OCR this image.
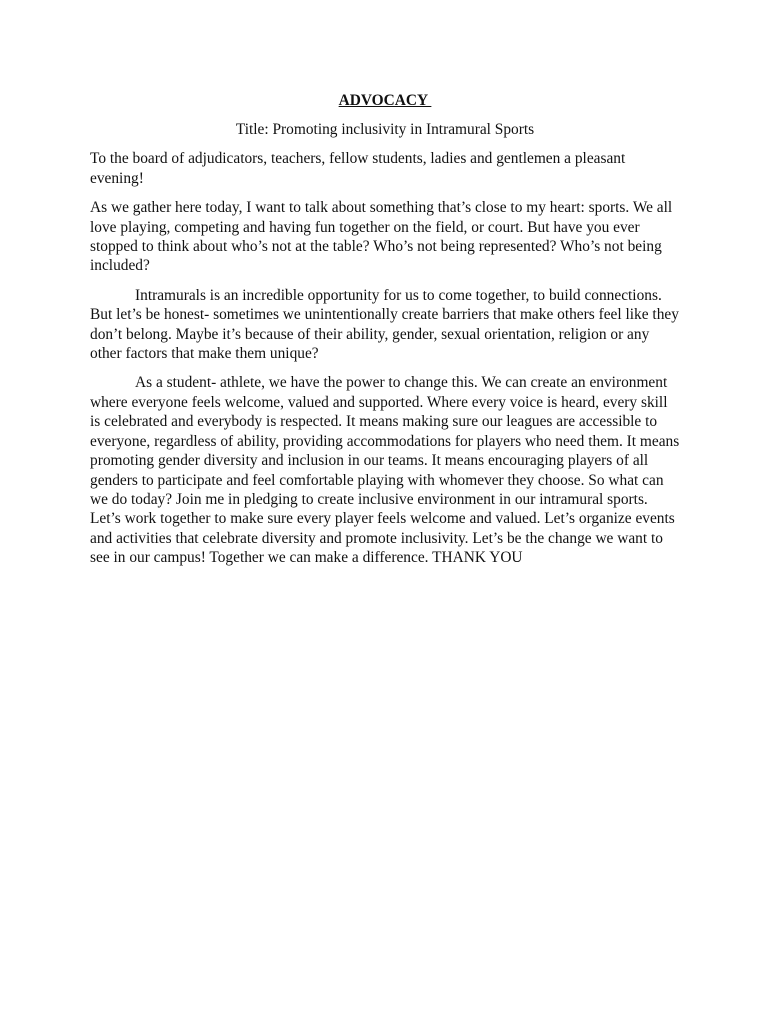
ADVOCACY
Title: Promoting inclusivity in Intramural Sports

To the board of adjudicators, teachers, fellow students, ladies and gentlemen a pleasant evening!

As we gather here today, I want to talk about something that’s close to my heart: sports. We all love playing, competing and having fun together on the field, or court. But have you ever stopped to think about who’s not at the table? Who’s not being represented? Who’s not being included?

Intramurals is an incredible opportunity for us to come together, to build connections. But let’s be honest- sometimes we unintentionally create barriers that make others feel like they don’t belong. Maybe it’s because of their ability, gender, sexual orientation, religion or any other factors that make them unique?

As a student- athlete, we have the power to change this. We can create an environment where everyone feels welcome, valued and supported. Where every voice is heard, every skill is celebrated and everybody is respected. It means making sure our leagues are accessible to everyone, regardless of ability, providing accommodations for players who need them. It means promoting gender diversity and inclusion in our teams. It means encouraging players of all genders to participate and feel comfortable playing with whomever they choose. So what can we do today? Join me in pledging to create inclusive environment in our intramural sports. Let’s work together to make sure every player feels welcome and valued. Let’s organize events and activities that celebrate diversity and promote inclusivity. Let’s be the change we want to see in our campus! Together we can make a difference. THANK YOU
